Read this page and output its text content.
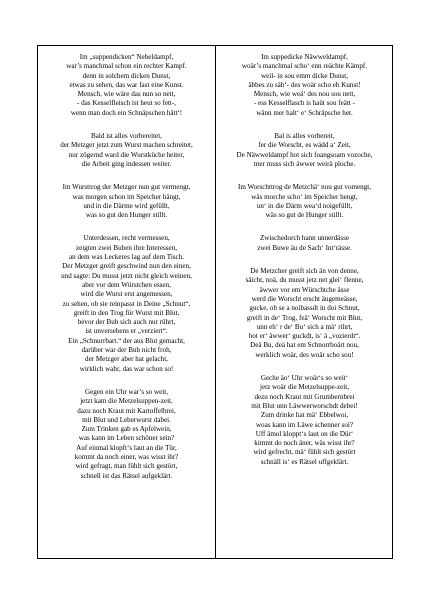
Im „suppendicken“ Nebeldampf,
war’s manchmal schon ein rechter Kampf.
denn in solchem dicken Dunst,
etwas zu sehen, das war fast eine Kunst.
Mensch, wie wäre das nun so nett,
- das Kesselfleisch ist heut so fett-,
wenn man doch ein Schnäpschen hätt‘!
Bald ist alles vorbereitet,
der Metzger jetzt zum Wurst machen schreitet,
nur zögernd ward die Wurstküche heiter,
die Arbeit ging indessen weiter.
Im Wursttrog der Metzger nun gut vermengt,
was morgen schon im Speicher hängt,
und in die Därme wird gefüllt,
was so gut den Hunger stillt.
Unterdessen, recht vermessen,
zeigten zwei Buben ihre Interessen,
an dem was Leckeres lag auf dem Tisch.
Der Metzger greift geschwind nun den einen,
und sagte: Du musst jetzt nicht gleich weinen,
aber vor dem Würstchen essen,
wird die Wurst erst angemessen,
zu sehen, ob sie reinpasst in Deine „Schnut“,
greift in den Trog für Wurst mit Blut,
bevor der Bub sich auch nur rührt,
ist unversehens er „verziert“.
Ein „Schnurrbart.“ der aus Blut gemacht,
darüber war der Bub nicht froh,
der Metzger aber hat gelacht,
wirklich wahr, das war schon so!
Gegen ein Uhr war’s so weit,
jetzt kam die Metzelsuppen-zeit,
dazu noch Kraut mit Kartoffelbrei,
mit Blut und Leberwurst dabei.
Zum Trinken gab es Apfelwein,
was kann im Leben schöner sein?
Auf einmal klopft‘s laut an die Tür,
kommt da noch einer, was wisst ihr?
wird gefragt, man fühlt sich gestört,
schnell ist das Rätsel aufgeklärt.
Im suppedicke Näwweldampf,
woär’s manchmal scho‘ enn reächte Kämpf.
weil- in sou emm dicke Dunst,
äbbes zu säh‘- des woär scho eh Kunst!
Mensch, wie weä‘ des nou sou nett,
- ess Kesselflasch is haüt sou feätt -
wänn mer halt‘ e‘ Schräpsche het.
Bal is alles vorbereit,
fer die Worscht, es wädd a‘ Zeit,
De Näwweldampf hot sich foangsoam vozoche,
mer muss sich äwwer weirä ploche.
Im Worschttrog de Metzchä‘ nou gut vomengt,
wäs morche scho‘ im Speicher hengt,
un‘ in die Därm wea‘d noigefüllt,
wäs so gut de Hunger stillt.
Zwischedorch hann unnerdässe
zwei Buwe äu de Sach‘ Int‘rässe.
De Metzcher greift sich än von denne,
säicht, noä, du musst jetz net glei‘ flenne,
äwwer vor em Würschtche ässe
werd die Worscht erscht äugemeässe,
gucke, ob se a noibassdt in doi Schnut,
greift in de‘ Trog, feä‘ Worscht mit Blut,
unn eh‘ r de‘ Bu‘ sich a mä‘ rihrt,
hot er‘ äwwer‘ guckdt, is‘ ä „vozierdt“.
Deä Bu, deä hat em Schnorrboärt nou,
werklich woär, des woär scho sou!
Geche äo‘ Uhr woär‘s so weit‘
jetz woär die Metzelsuppe-zeit,
dezu noch Kraut mit Grumbernbrei
mit Blut unn Läwwerworschdt debei!
Zum drinke hat mä‘ Ebbelwoi,
woas kann im Läwe schenner soi?
Uff ämol kloppt‘s laut on die Dür‘
kimmt do noch äner, wäs wisst ihr?
wird gefrecht, mä‘ fühlt sich gestört
schnäll is‘ es Rätsel uffgeklärt.
